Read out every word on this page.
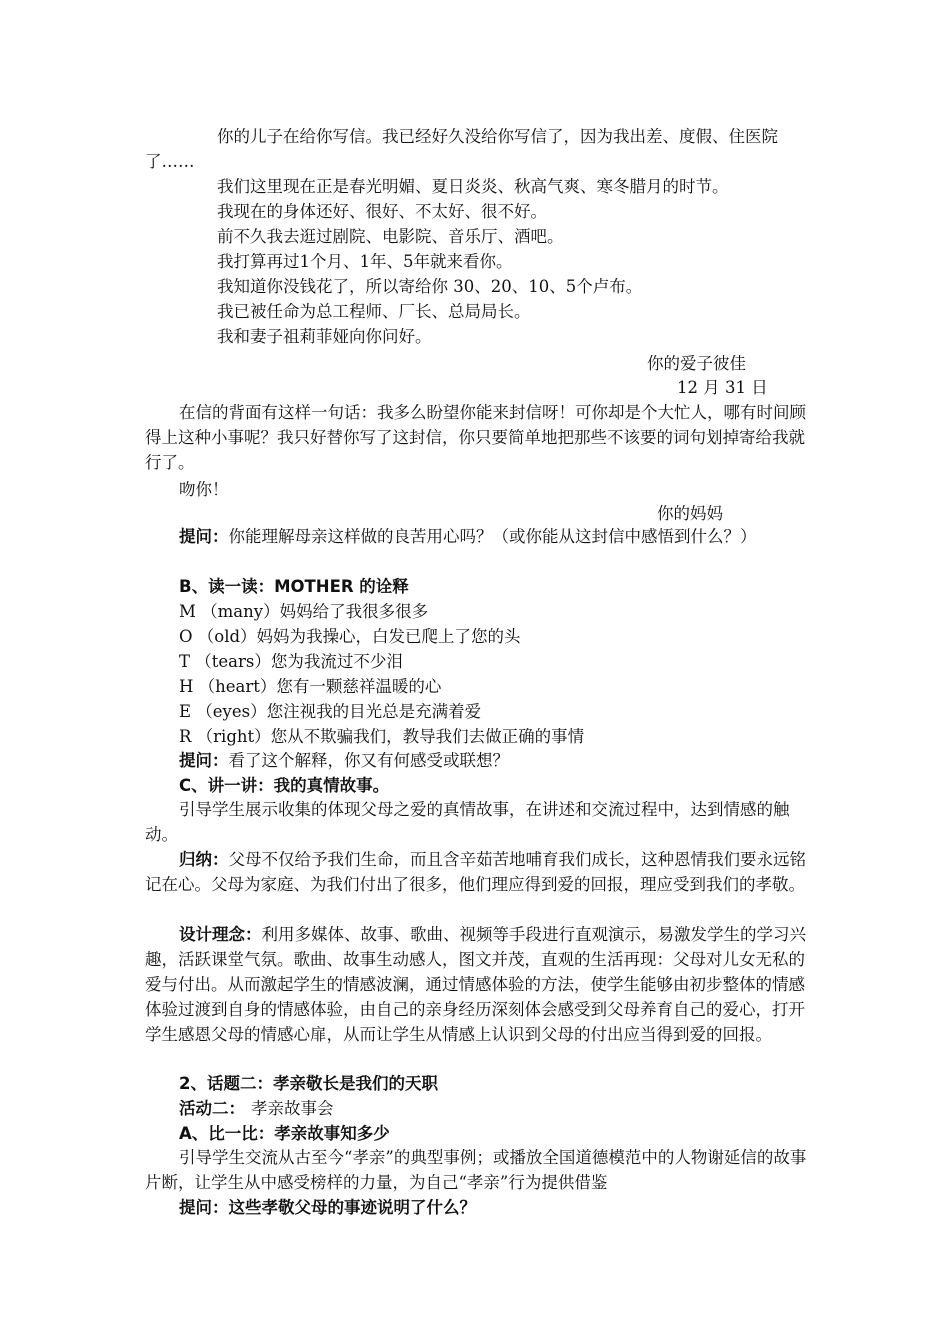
你的儿子在给你写信。我已经好久没给你写信了，因为我出差、度假、住医院了……

我们这里现在正是春光明媚、夏日炎炎、秋高气爽、寒冬腊月的时节。

我现在的身体还好、很好、不太好、很不好。

前不久我去逛过剧院、电影院、音乐厅、酒吧。

我打算再过1个月、1年、5年就来看你。

我知道你没钱花了，所以寄给你 30、20、10、5个卢布。

我已被任命为总工程师、厂长、总局局长。

我和妻子祖莉菲娅向你问好。

你的爱子彼佳

12 月 31 日

在信的背面有这样一句话：我多么盼望你能来封信呀！可你却是个大忙人，哪有时间顾得上这种小事呢？我只好替你写了这封信，你只要简单地把那些不该要的词句划掉寄给我就行了。

吻你！

你的妈妈

提问：你能理解母亲这样做的良苦用心吗？（或你能从这封信中感悟到什么？）

B、读一读：MOTHER 的诠释

M （many）妈妈给了我很多很多

O （old）妈妈为我操心，白发已爬上了您的头

T （tears）您为我流过不少泪

H （heart）您有一颗慈祥温暖的心

E （eyes）您注视我的目光总是充满着爱

R （right）您从不欺骗我们，教导我们去做正确的事情

提问：看了这个解释，你又有何感受或联想？

C、讲一讲：我的真情故事。

引导学生展示收集的体现父母之爱的真情故事，在讲述和交流过程中，达到情感的触动。

归纳：父母不仅给予我们生命，而且含辛茹苦地哺育我们成长，这种恩情我们要永远铭记在心。父母为家庭、为我们付出了很多，他们理应得到爱的回报，理应受到我们的孝敬。

设计理念：利用多媒体、故事、歌曲、视频等手段进行直观演示，易激发学生的学习兴趣，活跃课堂气氛。歌曲、故事生动感人，图文并茂，直观的生活再现：父母对儿女无私的爱与付出。从而激起学生的情感波澜，通过情感体验的方法，使学生能够由初步整体的情感体验过渡到自身的情感体验，由自己的亲身经历深刻体会感受到父母养育自己的爱心，打开学生感恩父母的情感心扉，从而让学生从情感上认识到父母的付出应当得到爱的回报。

2、话题二：孝亲敬长是我们的天职

活动二： 孝亲故事会

A、比一比：孝亲故事知多少

引导学生交流从古至今“孝亲”的典型事例；或播放全国道德模范中的人物谢延信的故事片断，让学生从中感受榜样的力量，为自己“孝亲”行为提供借鉴

提问：这些孝敬父母的事迹说明了什么？
